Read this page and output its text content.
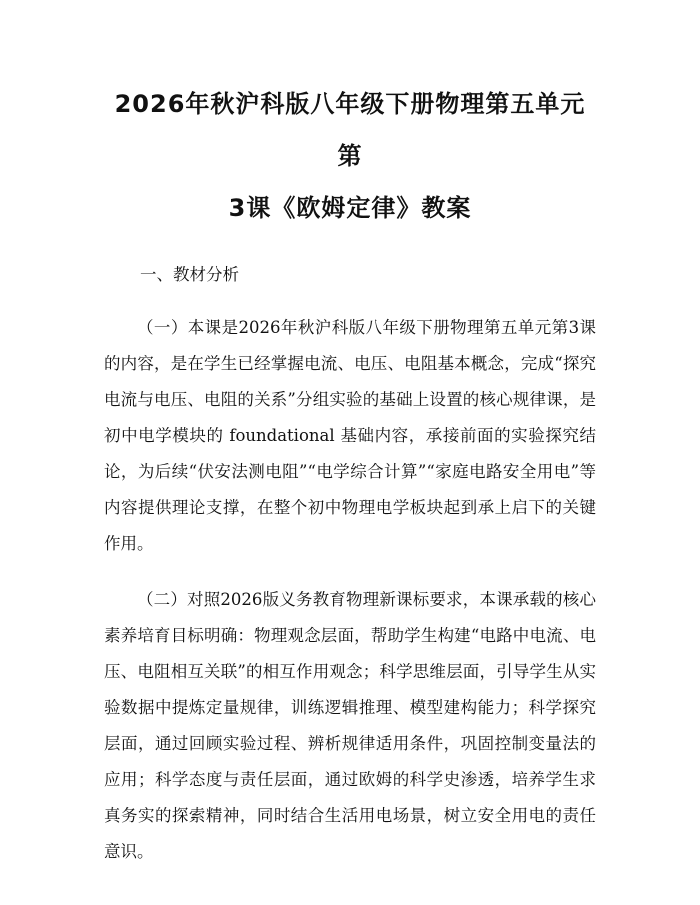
2026年秋沪科版八年级下册物理第五单元第
3课《欧姆定律》教案

一、教材分析

（一）本课是2026年秋沪科版八年级下册物理第五单元第3课的内容，是在学生已经掌握电流、电压、电阻基本概念，完成“探究电流与电压、电阻的关系”分组实验的基础上设置的核心规律课，是初中电学模块的 foundational 基础内容，承接前面的实验探究结论，为后续“伏安法测电阻”“电学综合计算”“家庭电路安全用电”等内容提供理论支撑，在整个初中物理电学板块起到承上启下的关键作用。

（二）对照2026版义务教育物理新课标要求，本课承载的核心素养培育目标明确：物理观念层面，帮助学生构建“电路中电流、电压、电阻相互关联”的相互作用观念；科学思维层面，引导学生从实验数据中提炼定量规律，训练逻辑推理、模型建构能力；科学探究层面，通过回顾实验过程、辨析规律适用条件，巩固控制变量法的应用；科学态度与责任层面，通过欧姆的科学史渗透，培养学生求真务实的探索精神，同时结合生活用电场景，树立安全用电的责任意识。
